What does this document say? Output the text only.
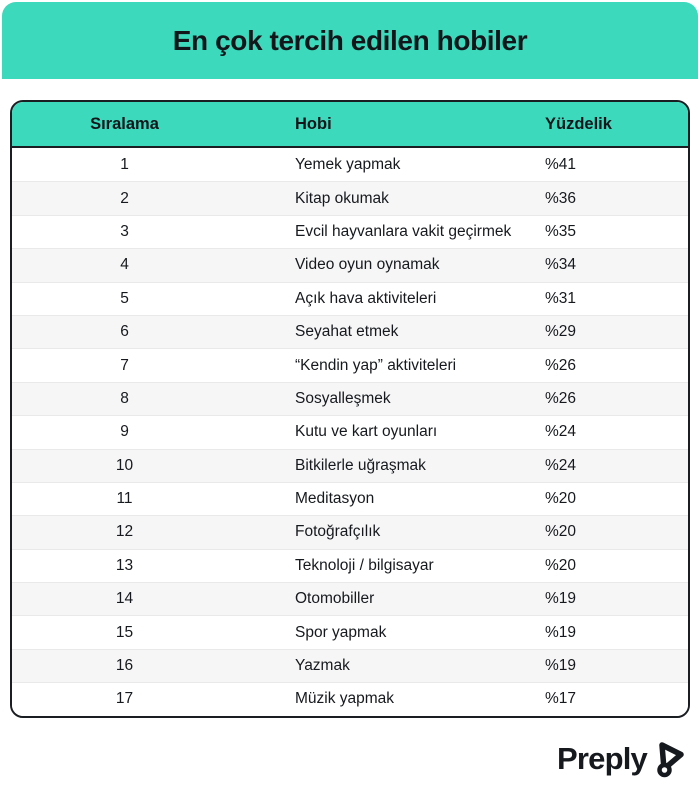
En çok tercih edilen hobiler
Sıralama	Hobi	Yüzdelik
1	Yemek yapmak	%41
2	Kitap okumak	%36
3	Evcil hayvanlara vakit geçirmek	%35
4	Video oyun oynamak	%34
5	Açık hava aktiviteleri	%31
6	Seyahat etmek	%29
7	“Kendin yap” aktiviteleri	%26
8	Sosyalleşmek	%26
9	Kutu ve kart oyunları	%24
10	Bitkilerle uğraşmak	%24
11	Meditasyon	%20
12	Fotoğrafçılık	%20
13	Teknoloji / bilgisayar	%20
14	Otomobiller	%19
15	Spor yapmak	%19
16	Yazmak	%19
17	Müzik yapmak	%17
Preply
